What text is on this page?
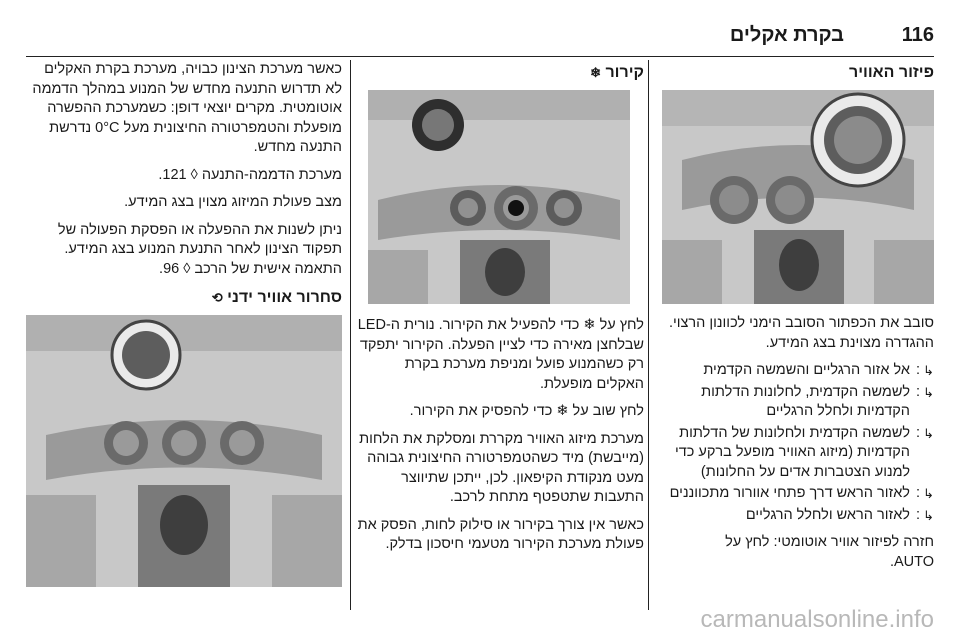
116
בקרת אקלים
פיזור האוויר

סובב את הכפתור הסובב הימני לכוונון הרצוי. ההגדרה מצוינת בצג המידע.

↳
:
אל אזור הרגליים והשמשה הקדמית
↳
:
לשמשה הקדמית, לחלונות הדלתות הקדמיות ולחלל הרגליים
↳
:
לשמשה הקדמית ולחלונות של הדלתות הקדמיות (מיזוג האוויר מופעל ברקע כדי למנוע הצטברות אדים על החלונות)
↳
:
לאזור הראש דרך פתחי אוורור מתכווננים
↳
:
לאזור הראש ולחלל הרגליים

חזרה לפיזור אוויר אוטומטי: לחץ על
AUTO.

קירור ❄

לחץ על ❄ כדי להפעיל את הקירור. נורית ה-LED שבלחצן מאירה כדי לציין הפעלה. הקירור יתפקד רק כשהמנוע פועל ומניפת מערכת בקרת האקלים מופעלת.

לחץ שוב על ❄ כדי להפסיק את הקירור.

מערכת מיזוג האוויר מקררת ומסלקת את הלחות (מייבשת) מיד כשהטמפרטורה החיצונית גבוהה מעט מנקודת הקיפאון. לכן, ייתכן שתיווצר התעבות שתטפטף מתחת לרכב.

כאשר אין צורך בקירור או סילוק לחות, הפסק את פעולת מערכת הקירור מטעמי חיסכון בדלק.

כאשר מערכת הצינון כבויה, מערכת בקרת האקלים לא תדרוש התנעה מחדש של המנוע במהלך הדממה אוטומטית. מקרים יוצאי דופן: כשמערכת ההפשרה מופעלת והטמפרטורה החיצונית מעל 0°C נדרשת התנעה מחדש.

מערכת הדממה-התנעה ◊ 121.

מצב פעולת המיזוג מצוין בצג המידע.

ניתן לשנות את ההפעלה או הפסקת הפעולה של תפקוד הצינון לאחר התנעת המנוע בצג המידע. התאמה אישית של הרכב ◊ 96.

סחרור אוויר ידני ⟲
carmanualsonline.info
